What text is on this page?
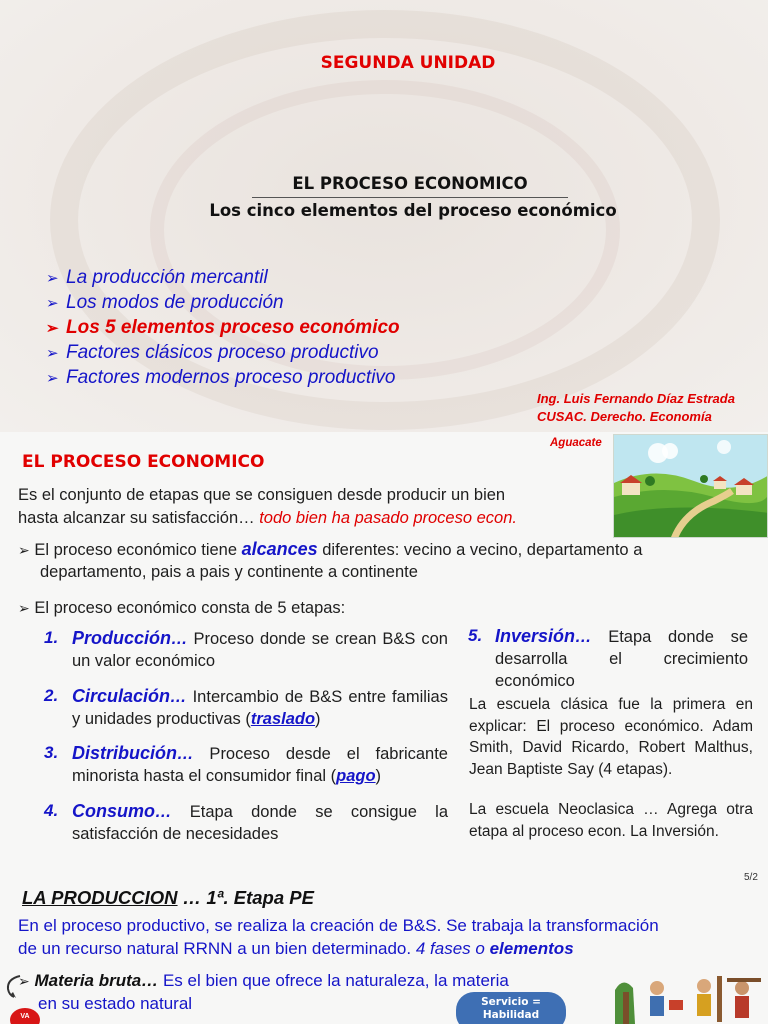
SEGUNDA UNIDAD
EL PROCESO ECONOMICO
Los cinco elementos del proceso económico
➢ La producción mercantil
➢ Los modos de producción
➢ Los 5 elementos proceso económico
➢ Factores clásicos proceso productivo
➢ Factores modernos proceso productivo
Ing. Luis Fernando Díaz Estrada
CUSAC. Derecho. Economía
Aguacate
EL PROCESO ECONOMICO
Es el conjunto de etapas que se consiguen desde producir un bien
hasta alcanzar su satisfacción… todo bien ha pasado proceso econ.
➢ El proceso económico tiene alcances diferentes: vecino a vecino, departamento a
departamento, pais a pais y continente a continente
➢ El proceso económico consta de 5 etapas:
1. Producción… Proceso donde se crean B&S con un valor económico
2. Circulación… Intercambio de B&S entre familias y unidades productivas (traslado)
3. Distribución… Proceso desde el fabricante minorista hasta el consumidor final (pago)
4. Consumo… Etapa donde se consigue la satisfacción de necesidades
5. Inversión… Etapa donde se desarrolla el crecimiento económico
La escuela clásica fue la primera en explicar: El proceso económico. Adam Smith, David Ricardo, Robert Malthus, Jean Baptiste Say (4 etapas).
La escuela Neoclasica … Agrega otra etapa al proceso econ. La Inversión.
5/2
LA PRODUCCION … 1ª. Etapa PE
En el proceso productivo, se realiza la creación de B&S. Se trabaja la transformación
de un recurso natural RRNN a un bien determinado. 4 fases o elementos
➢ Materia bruta… Es el bien que ofrece la naturaleza, la materia
en su estado natural	Servicio =
Habilidad
VA
